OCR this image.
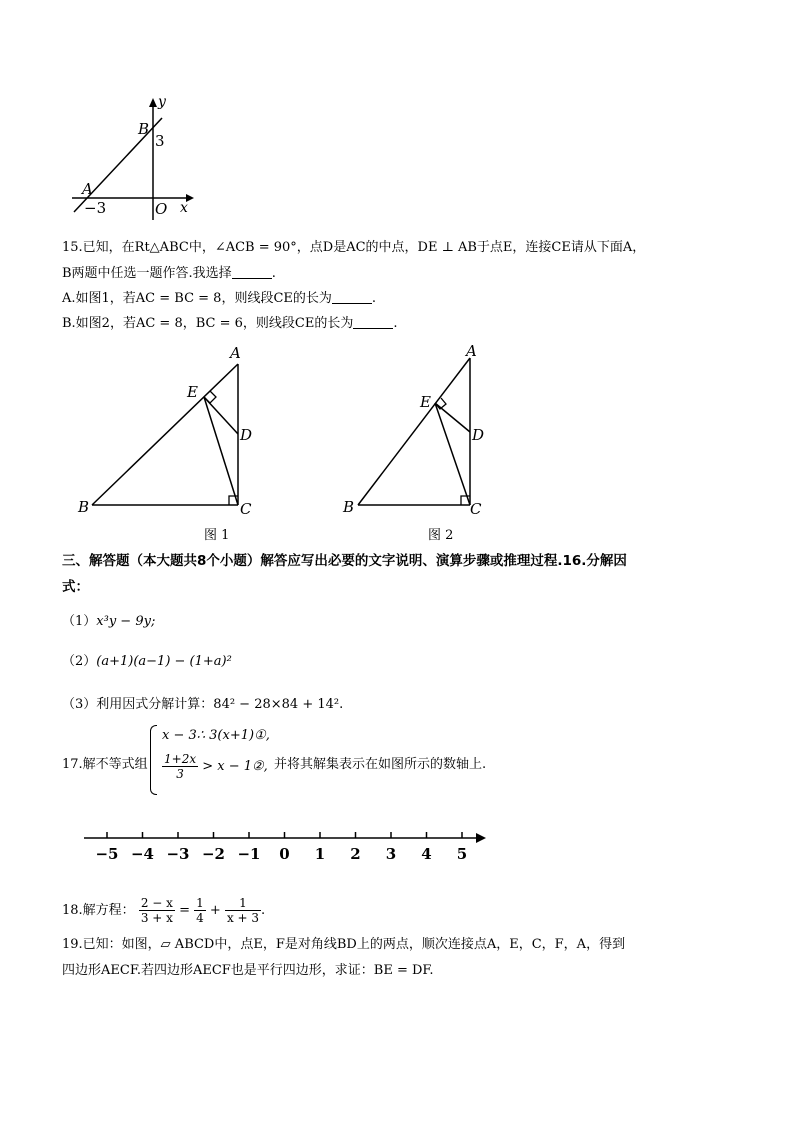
y
B
3
A
−3	O x
15.已知，在Rt△ABC中，∠ACB = 90°，点D是AC的中点，DE ⊥ AB于点E，连接CE请从下面A，
B两题中任选一题作答.我选择	.
A.如图1，若AC = BC = 8，则线段CE的长为	.
B.如图2，若AC = 8，BC = 6，则线段CE的长为	.
A
E
D
B	C
图 1
A
E
D
B	C
图 2
三、解答题（本大题共8个小题）解答应写出必要的文字说明、演算步骤或推理过程.16.分解因
式：
（1）x³y − 9y;
（2）(a+1)(a−1) − (1+a)²
（3）利用因式分解计算：84² − 28×84 + 14².
17.解不等式组
x − 3∴ 3(x+1)①,
$\frac{1+2x}{3} > x$ − 1②, 并将其解集表示在如图所示的数轴上.
−5 −4 −3 −2 −1 0 1 2 3 4 5
18.解方程： $\frac{2 - x}{3 + x} = \frac{1}{4} + \frac{1}{x + 3}$ .
19.已知：如图，▱ ABCD中，点E，F是对角线BD上的两点，顺次连接点A，E，C，F，A，得到
四边形AECF.若四边形AECF也是平行四边形，求证：BE = DF.
